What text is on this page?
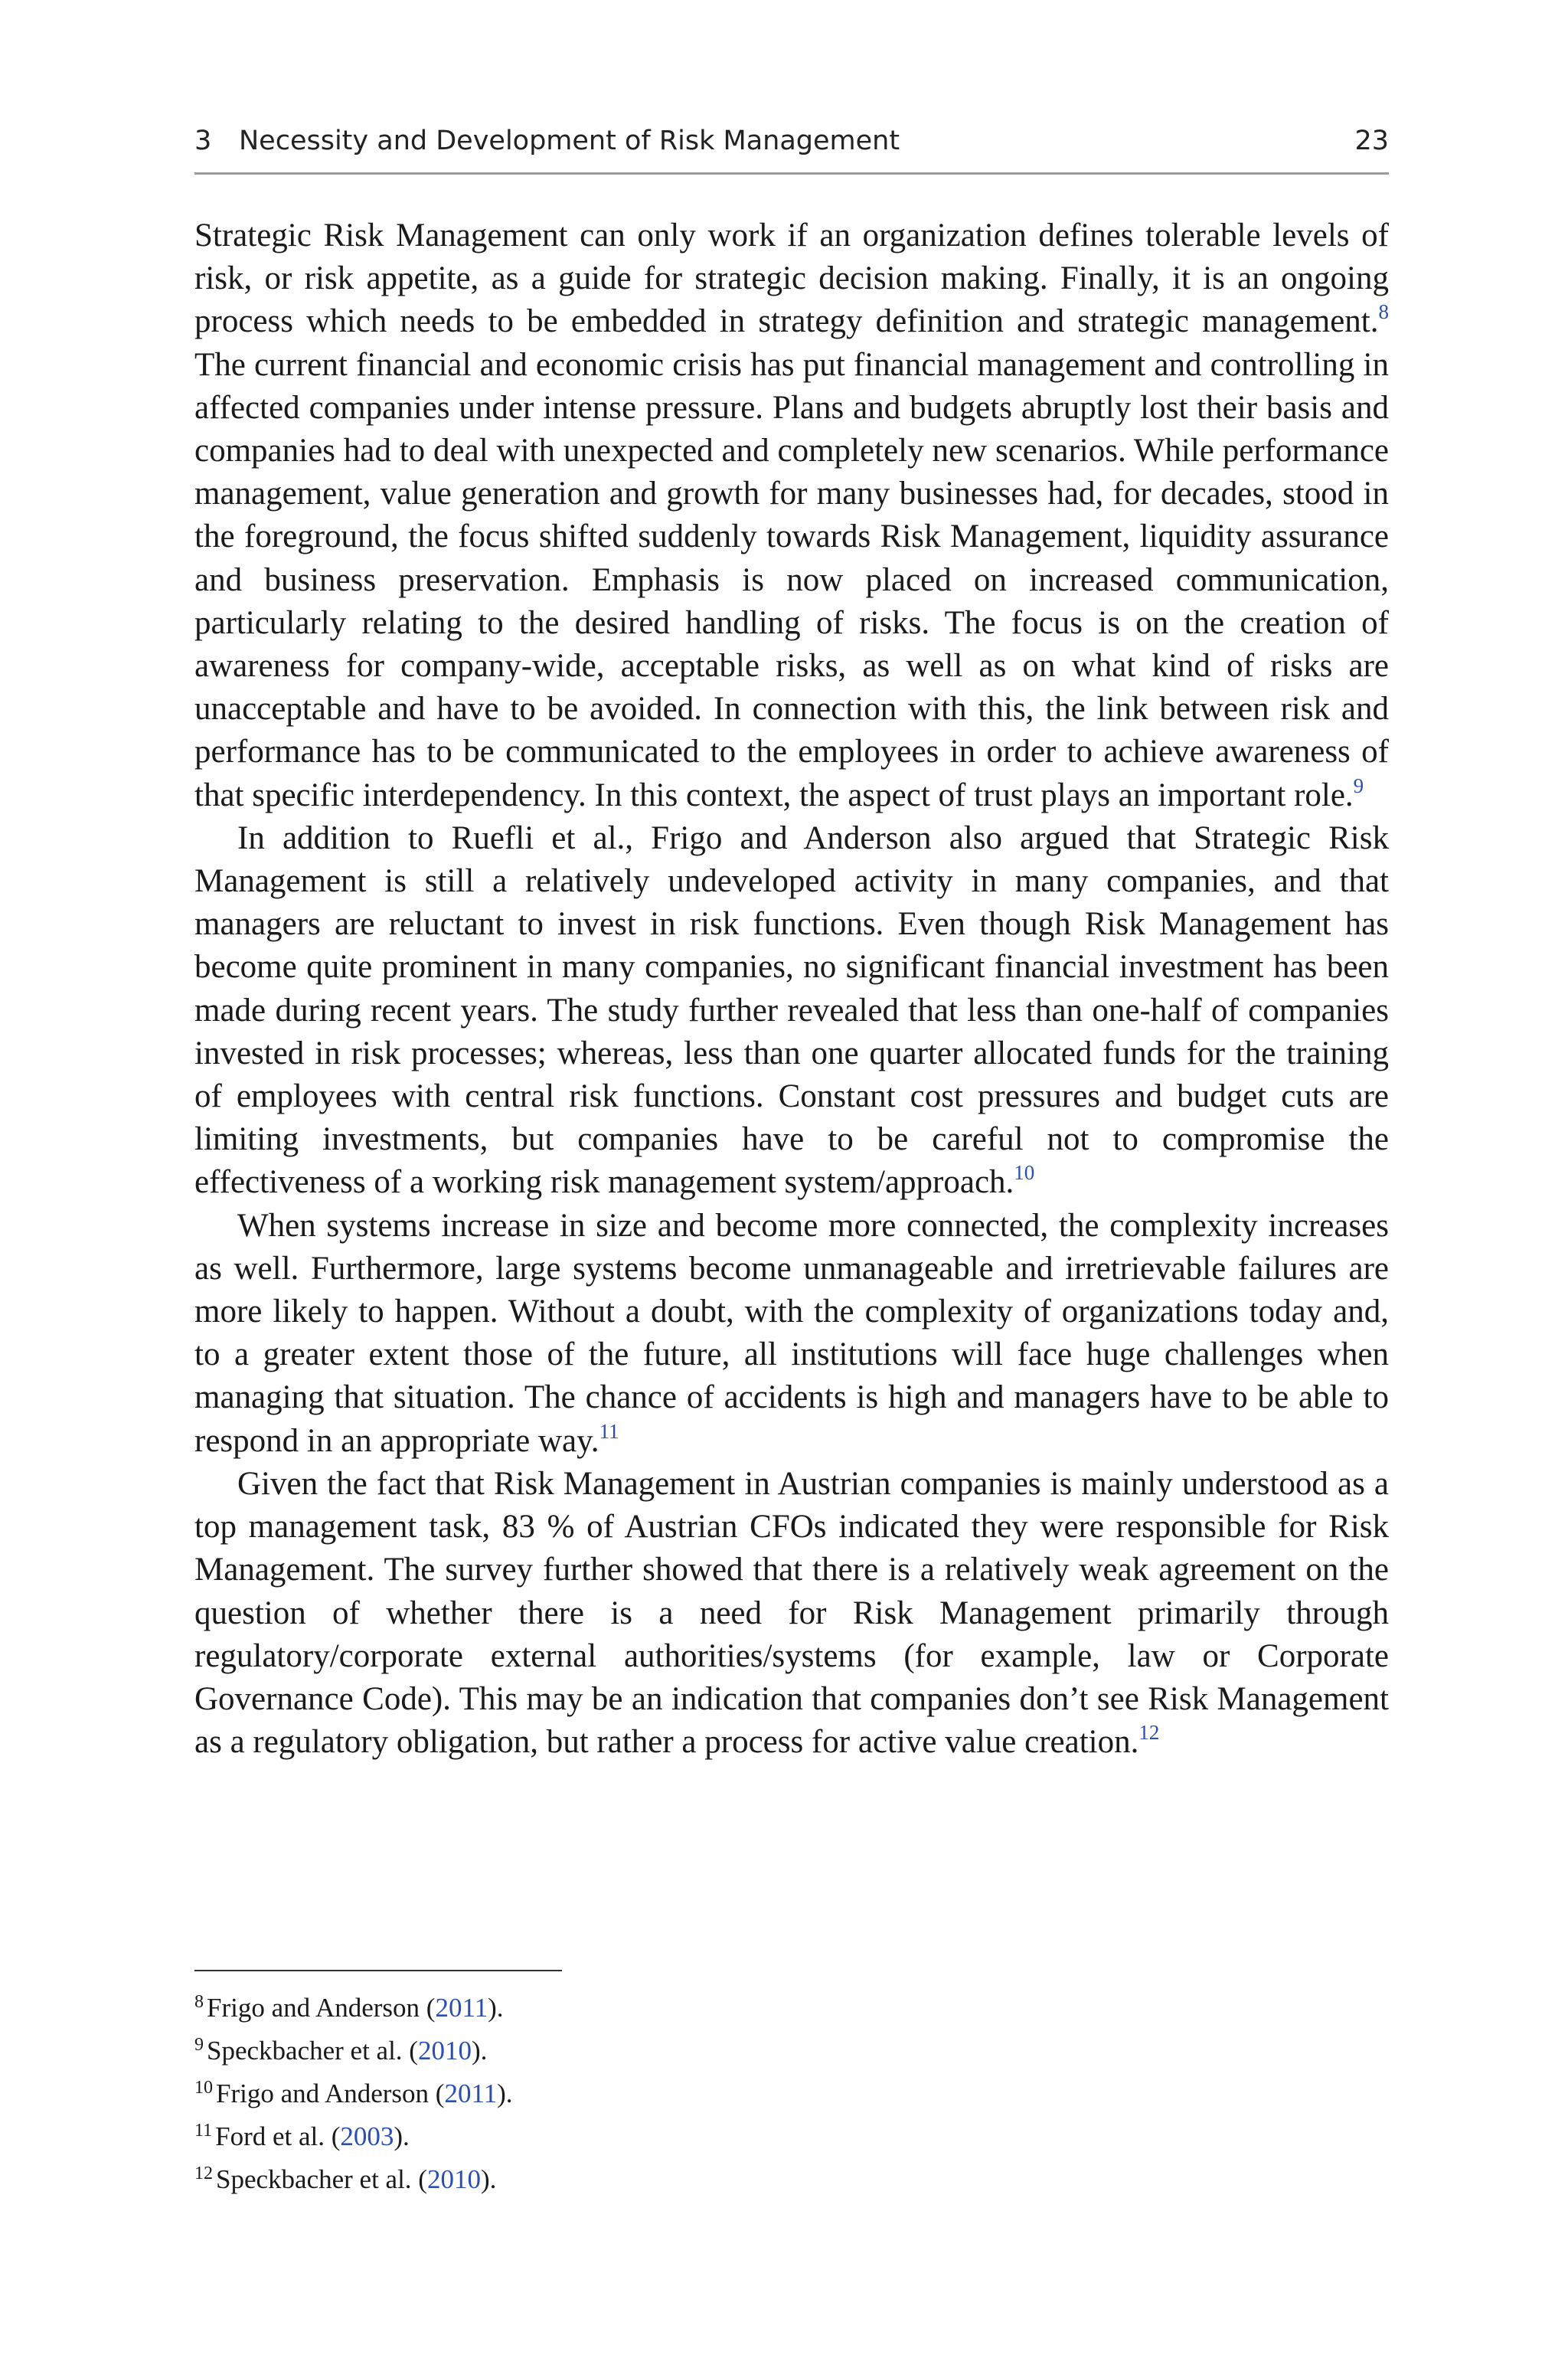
3 Necessity and Development of Risk Management	23

Strategic Risk Management can only work if an organization defines tolerable levels of risk, or risk appetite, as a guide for strategic decision making. Finally, it is an ongoing process which needs to be embedded in strategy definition and strategic management.$^8$ The current financial and economic crisis has put financial management and controlling in affected companies under intense pressure. Plans and budgets abruptly lost their basis and companies had to deal with unexpected and completely new scenarios. While performance management, value generation and growth for many businesses had, for decades, stood in the foreground, the focus shifted suddenly towards Risk Management, liquidity assurance and business preservation. Emphasis is now placed on increased communication, particularly relating to the desired handling of risks. The focus is on the creation of awareness for company-wide, acceptable risks, as well as on what kind of risks are unacceptable and have to be avoided. In connection with this, the link between risk and performance has to be communicated to the employees in order to achieve awareness of that specific interdependency. In this context, the aspect of trust plays an important role.$^9$

In addition to Ruefli et al., Frigo and Anderson also argued that Strategic Risk Management is still a relatively undeveloped activity in many companies, and that managers are reluctant to invest in risk functions. Even though Risk Management has become quite prominent in many companies, no significant financial investment has been made during recent years. The study further revealed that less than one-half of companies invested in risk processes; whereas, less than one quarter allocated funds for the training of employees with central risk functions. Constant cost pressures and budget cuts are limiting investments, but companies have to be careful not to compromise the effectiveness of a working risk management system/approach.$^{10}$

When systems increase in size and become more connected, the complexity increases as well. Furthermore, large systems become unmanageable and irretrievable failures are more likely to happen. Without a doubt, with the complexity of organizations today and, to a greater extent those of the future, all institutions will face huge challenges when managing that situation. The chance of accidents is high and managers have to be able to respond in an appropriate way.$^{11}$

Given the fact that Risk Management in Austrian companies is mainly understood as a top management task, 83 % of Austrian CFOs indicated they were responsible for Risk Management. The survey further showed that there is a relatively weak agreement on the question of whether there is a need for Risk Management primarily through regulatory/corporate external authorities/systems (for example, law or Corporate Governance Code). This may be an indication that companies don’t see Risk Management as a regulatory obligation, but rather a process for active value creation.$^{12}$

$^8$ Frigo and Anderson (2011).
$^9$ Speckbacher et al. (2010).
$^{10}$ Frigo and Anderson (2011).
$^{11}$ Ford et al. (2003).
$^{12}$ Speckbacher et al. (2010).
